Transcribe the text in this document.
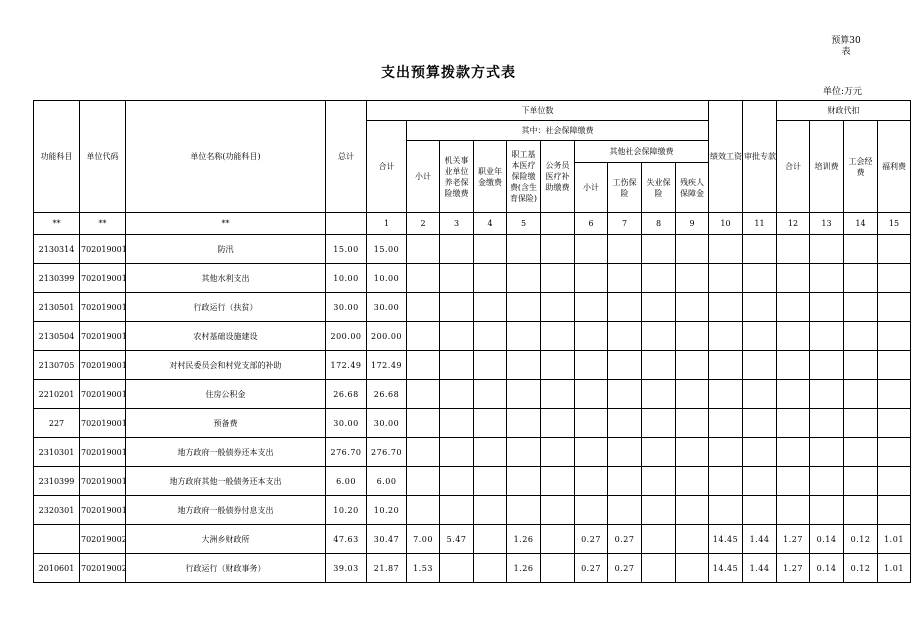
预算30
表
支出预算拨款方式表
单位:万元
功能科目	单位代码	单位名称(功能科目)	总计	下单位数										绩效工资	审批专款	财政代扣			
				合计	其中：社会保障缴费											合计	培训费	工会经费	福利费
					小计	机关事业单位养老保险缴费	职业年金缴费	职工基本医疗保险缴费(含生育保险)	公务员医疗补助缴费	其他社会保障缴费									
										小计	工伤保险	失业保险	残疾人保障金						
**	**	**		1	2	3	4	5		6	7	8	9	10	11	12	13	14	15
2130314	702019001	防汛	15.00	15.00															
2130399	702019001	其他水利支出	10.00	10.00															
2130501	702019001	行政运行（扶贫）	30.00	30.00															
2130504	702019001	农村基础设施建设	200.00	200.00															
2130705	702019001	对村民委员会和村党支部的补助	172.49	172.49															
2210201	702019001	住房公积金	26.68	26.68															
227	702019001	预备费	30.00	30.00															
2310301	702019001	地方政府一般债券还本支出	276.70	276.70															
2310399	702019001	地方政府其他一般债务还本支出	6.00	6.00															
2320301	702019001	地方政府一般债券付息支出	10.20	10.20															
	702019002	大洲乡财政所	47.63	30.47	7.00	5.47		1.26		0.27	0.27			14.45	1.44	1.27	0.14	0.12	1.01
2010601	702019002	行政运行（财政事务）	39.03	21.87	1.53			1.26		0.27	0.27			14.45	1.44	1.27	0.14	0.12	1.01
